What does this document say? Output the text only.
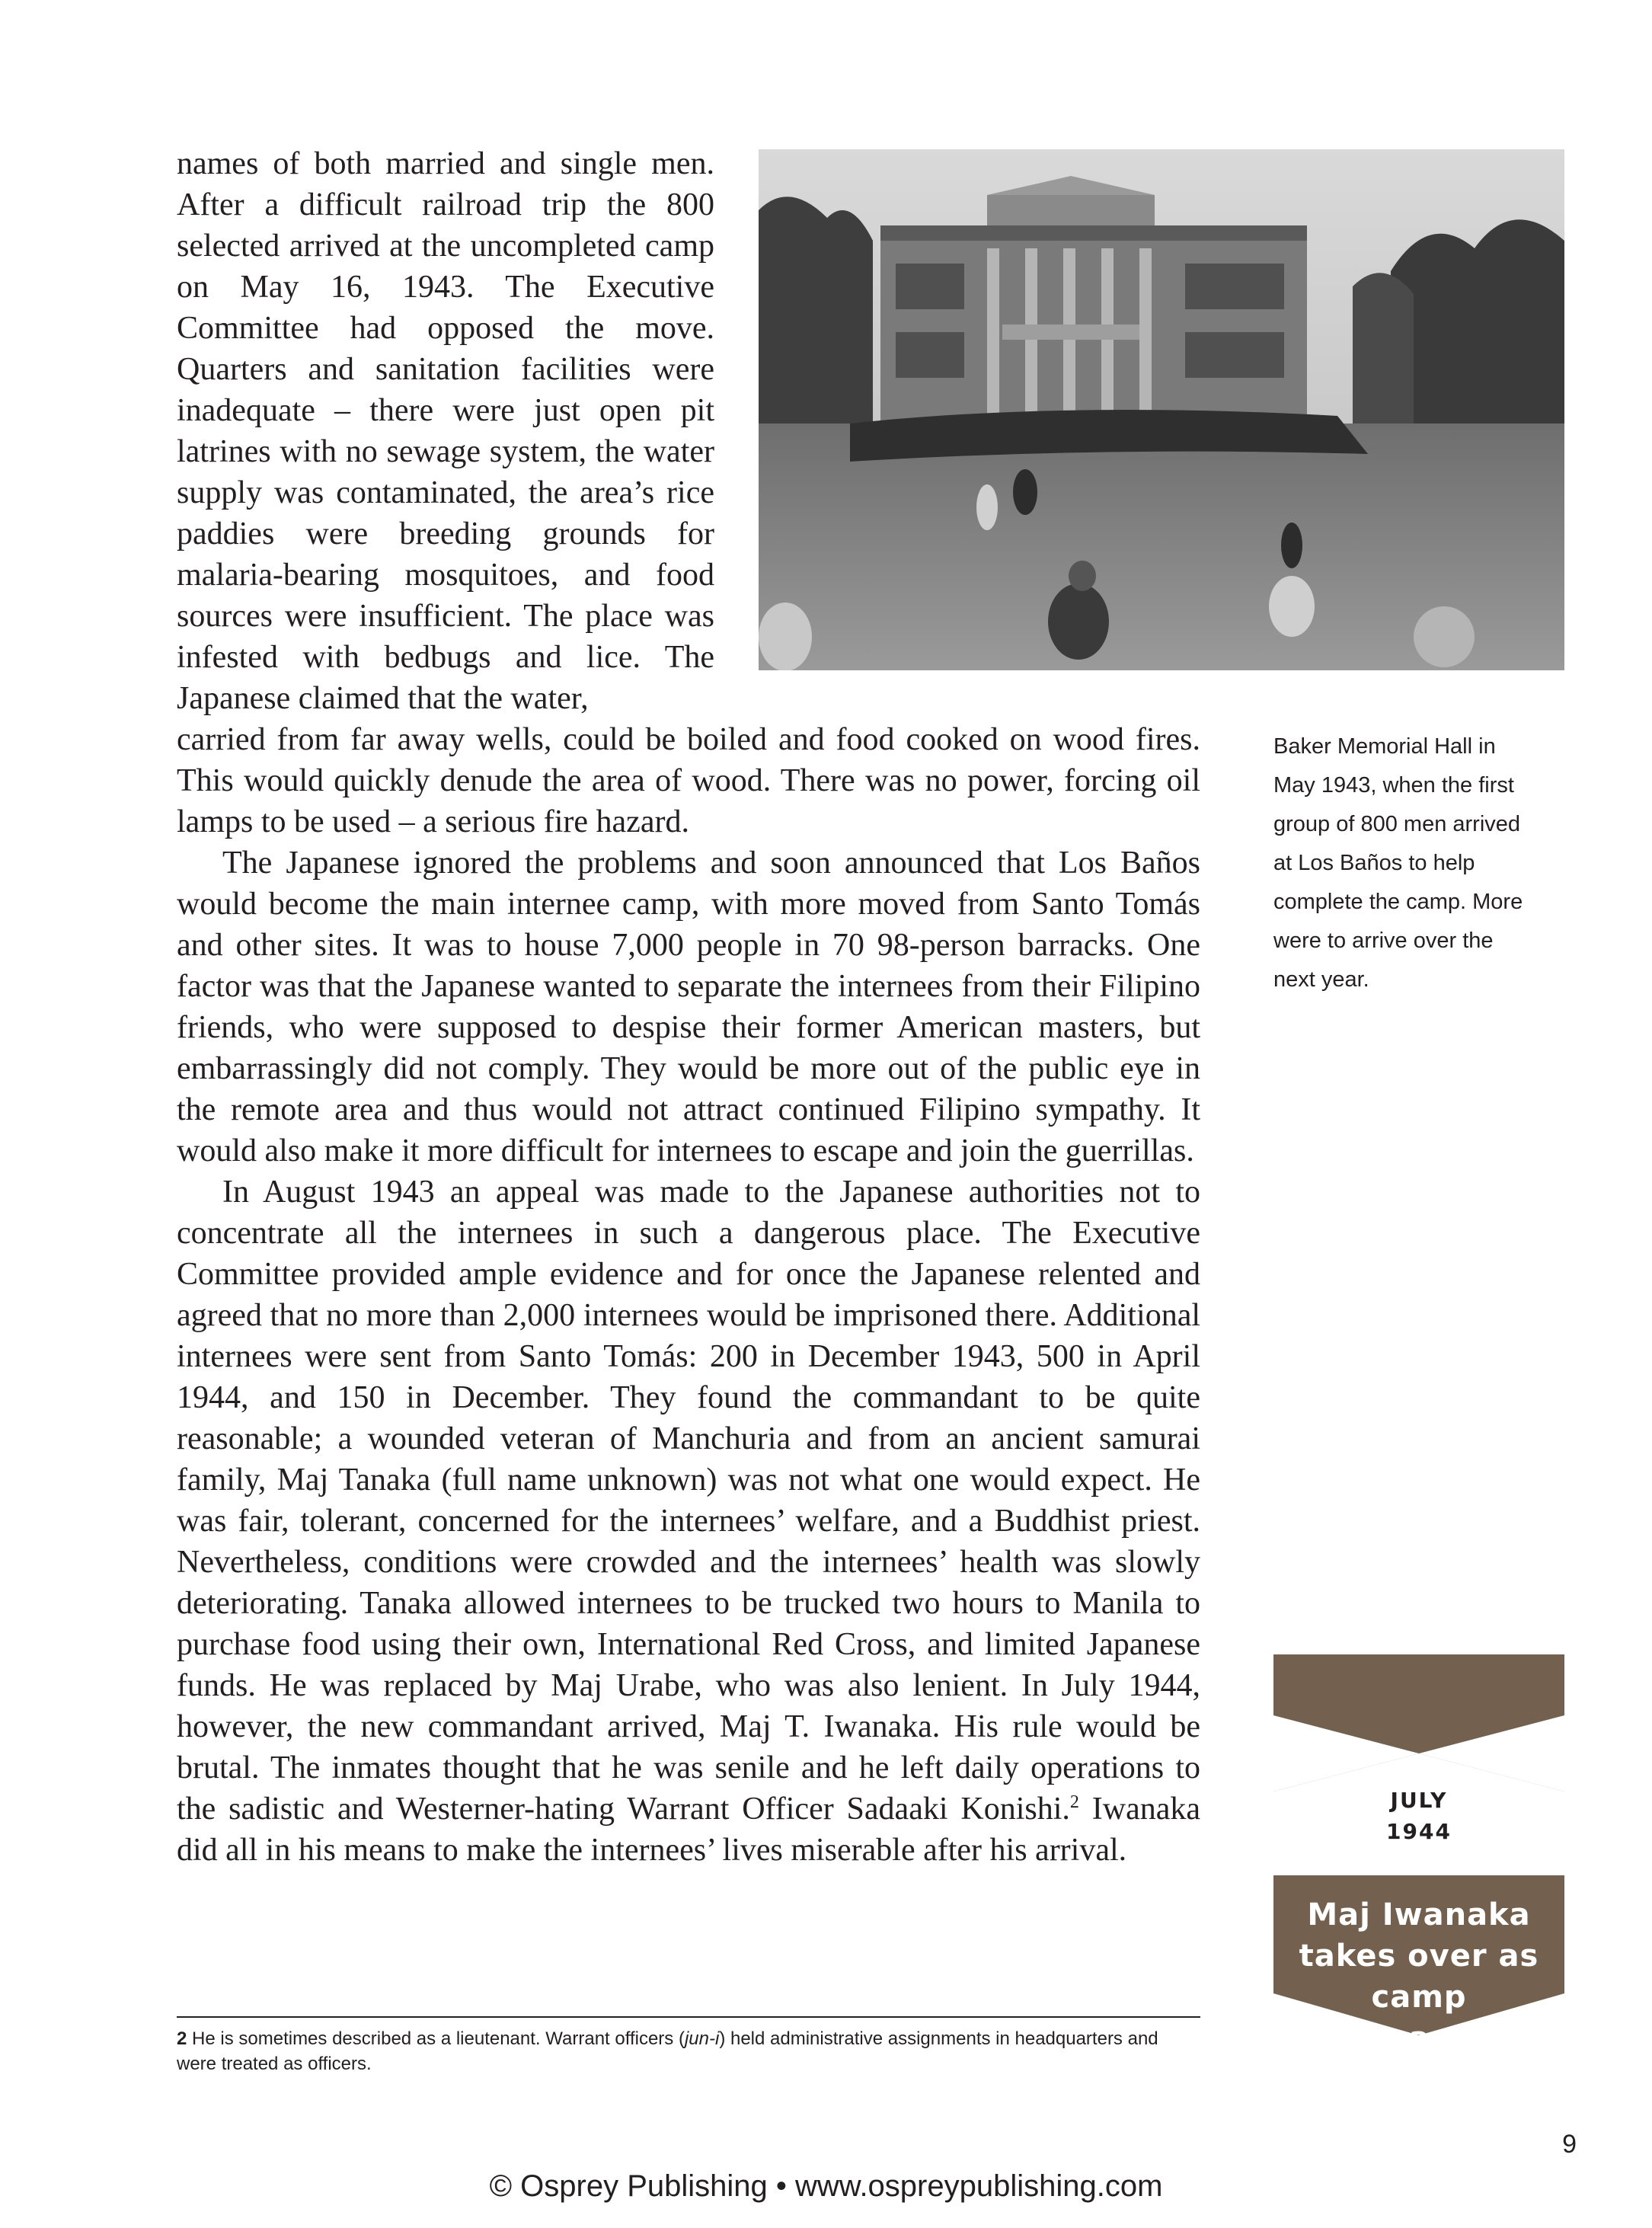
names of both married and single men. After a difficult railroad trip the 800 selected arrived at the uncompleted camp on May 16, 1943. The Executive Committee had opposed the move. Quarters and sanitation facilities were inadequate – there were just open pit latrines with no sewage system, the water supply was contaminated, the area’s rice paddies were breeding grounds for malaria-bearing mosquitoes, and food sources were insufficient. The place was infested with bedbugs and lice. The Japanese claimed that the water,

carried from far away wells, could be boiled and food cooked on wood fires. This would quickly denude the area of wood. There was no power, forcing oil lamps to be used – a serious fire hazard.

The Japanese ignored the problems and soon announced that Los Baños would become the main internee camp, with more moved from Santo Tomás and other sites. It was to house 7,000 people in 70 98-person barracks. One factor was that the Japanese wanted to separate the internees from their Filipino friends, who were supposed to despise their former American masters, but embarrassingly did not comply. They would be more out of the public eye in the remote area and thus would not attract continued Filipino sympathy. It would also make it more difficult for internees to escape and join the guerrillas.

In August 1943 an appeal was made to the Japanese authorities not to concentrate all the internees in such a dangerous place. The Executive Committee provided ample evidence and for once the Japanese relented and agreed that no more than 2,000 internees would be imprisoned there. Additional internees were sent from Santo Tomás: 200 in December 1943, 500 in April 1944, and 150 in December. They found the commandant to be quite reasonable; a wounded veteran of Manchuria and from an ancient samurai family, Maj Tanaka (full name unknown) was not what one would expect. He was fair, tolerant, concerned for the internees’ welfare, and a Buddhist priest. Nevertheless, conditions were crowded and the internees’ health was slowly deteriorating. Tanaka allowed internees to be trucked two hours to Manila to purchase food using their own, International Red Cross, and limited Japanese funds. He was replaced by Maj Urabe, who was also lenient. In July 1944, however, the new commandant arrived, Maj T. Iwanaka. His rule would be brutal. The inmates thought that he was senile and he left daily operations to the sadistic and Westerner-hating Warrant Officer Sadaaki Konishi.$^2$ Iwanaka did all in his means to make the internees’ lives miserable after his arrival.

Baker Memorial Hall in May 1943, when the first group of 800 men arrived at Los Baños to help complete the camp. More were to arrive over the next year.
JULY
1944
Maj Iwanaka takes over as camp commandant
2 He is sometimes described as a lieutenant. Warrant officers (jun-i) held administrative assignments in headquarters and were treated as officers.
9
© Osprey Publishing • www.ospreypublishing.com
